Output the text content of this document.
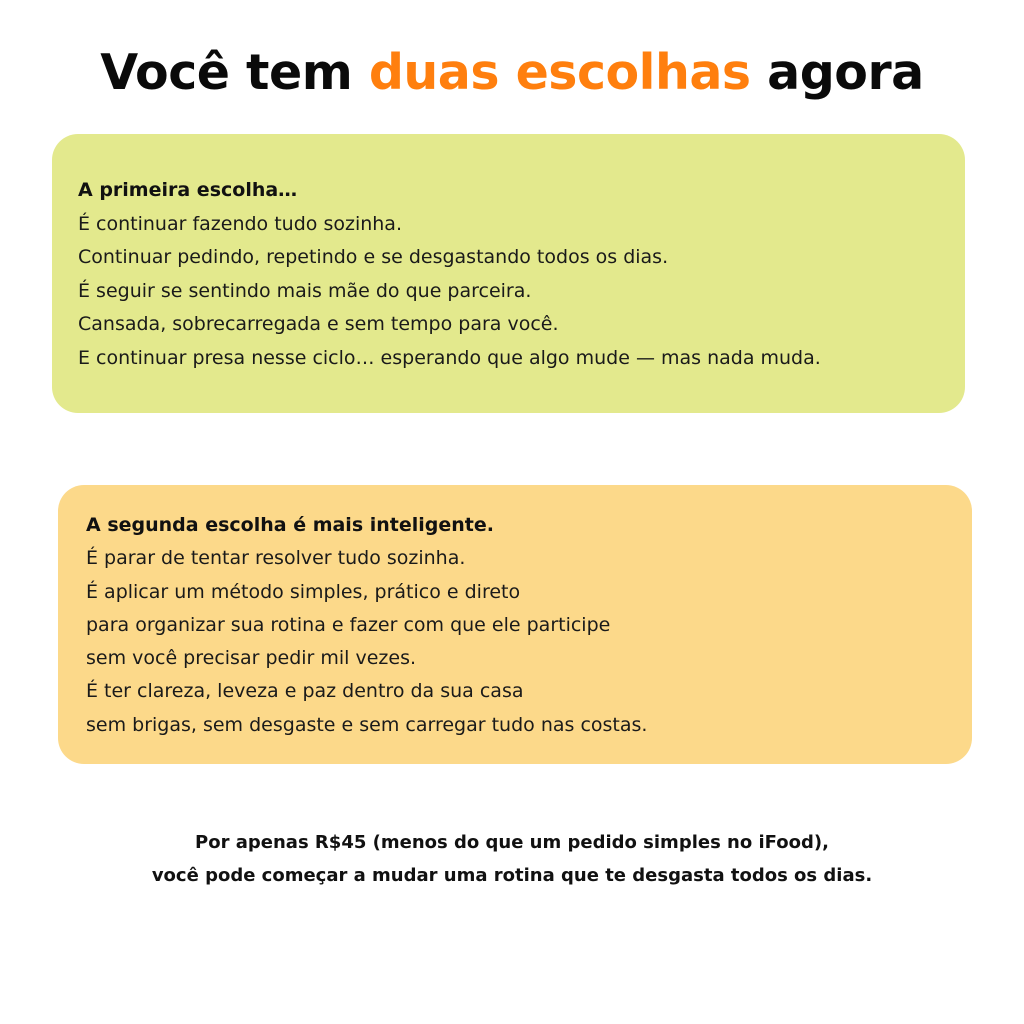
Você tem duas escolhas agora
A primeira escolha…
É continuar fazendo tudo sozinha.
Continuar pedindo, repetindo e se desgastando todos os dias.
É seguir se sentindo mais mãe do que parceira.
Cansada, sobrecarregada e sem tempo para você.
E continuar presa nesse ciclo… esperando que algo mude — mas nada muda.
A segunda escolha é mais inteligente.
É parar de tentar resolver tudo sozinha.
É aplicar um método simples, prático e direto
para organizar sua rotina e fazer com que ele participe
sem você precisar pedir mil vezes.
É ter clareza, leveza e paz dentro da sua casa
sem brigas, sem desgaste e sem carregar tudo nas costas.
Por apenas R$45 (menos do que um pedido simples no iFood),
você pode começar a mudar uma rotina que te desgasta todos os dias.
